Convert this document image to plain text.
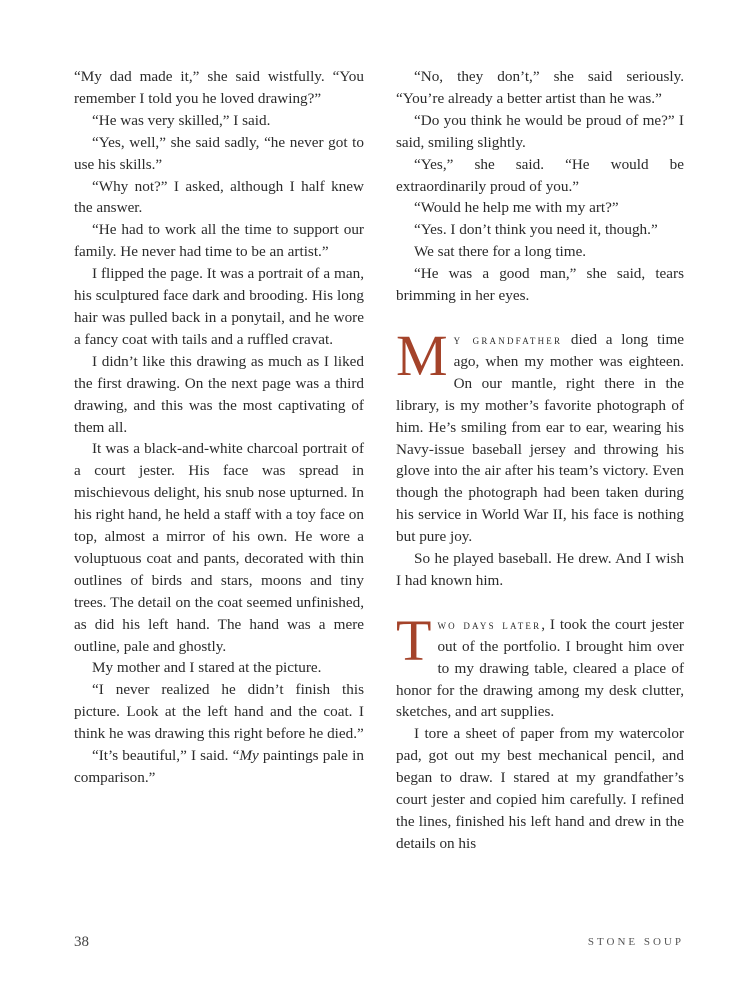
“My dad made it,” she said wistfully. “You remember I told you he loved drawing?”

“He was very skilled,” I said.

“Yes, well,” she said sadly, “he never got to use his skills.”

“Why not?” I asked, although I half knew the answer.

“He had to work all the time to support our family. He never had time to be an artist.”

I flipped the page. It was a portrait of a man, his sculptured face dark and brooding. His long hair was pulled back in a ponytail, and he wore a fancy coat with tails and a ruffled cravat.

I didn’t like this drawing as much as I liked the first drawing. On the next page was a third drawing, and this was the most captivating of them all.

It was a black-and-white charcoal portrait of a court jester. His face was spread in mischievous delight, his snub nose upturned. In his right hand, he held a staff with a toy face on top, almost a mirror of his own. He wore a voluptuous coat and pants, decorated with thin outlines of birds and stars, moons and tiny trees. The detail on the coat seemed unfinished, as did his left hand. The hand was a mere outline, pale and ghostly.

My mother and I stared at the picture.

“I never realized he didn’t finish this picture. Look at the left hand and the coat. I think he was drawing this right before he died.”

“It’s beautiful,” I said. “My paintings pale in comparison.”

“No, they don’t,” she said seriously. “You’re already a better artist than he was.”

“Do you think he would be proud of me?” I said, smiling slightly.

“Yes,” she said. “He would be extraordinarily proud of you.”

“Would he help me with my art?”

“Yes. I don’t think you need it, though.”

We sat there for a long time.

“He was a good man,” she said, tears brimming in her eyes.

My grandfather died a long time ago, when my mother was eighteen. On our mantle, right there in the library, is my mother’s favorite photograph of him. He’s smiling from ear to ear, wearing his Navy-issue baseball jersey and throwing his glove into the air after his team’s victory. Even though the photograph had been taken during his service in World War II, his face is nothing but pure joy.

So he played baseball. He drew. And I wish I had known him.

Two days later, I took the court jester out of the portfolio. I brought him over to my drawing table, cleared a place of honor for the drawing among my desk clutter, sketches, and art supplies.

I tore a sheet of paper from my watercolor pad, got out my best mechanical pencil, and began to draw. I stared at my grandfather’s court jester and copied him carefully. I refined the lines, finished his left hand and drew in the details on his

38	STONE SOUP
